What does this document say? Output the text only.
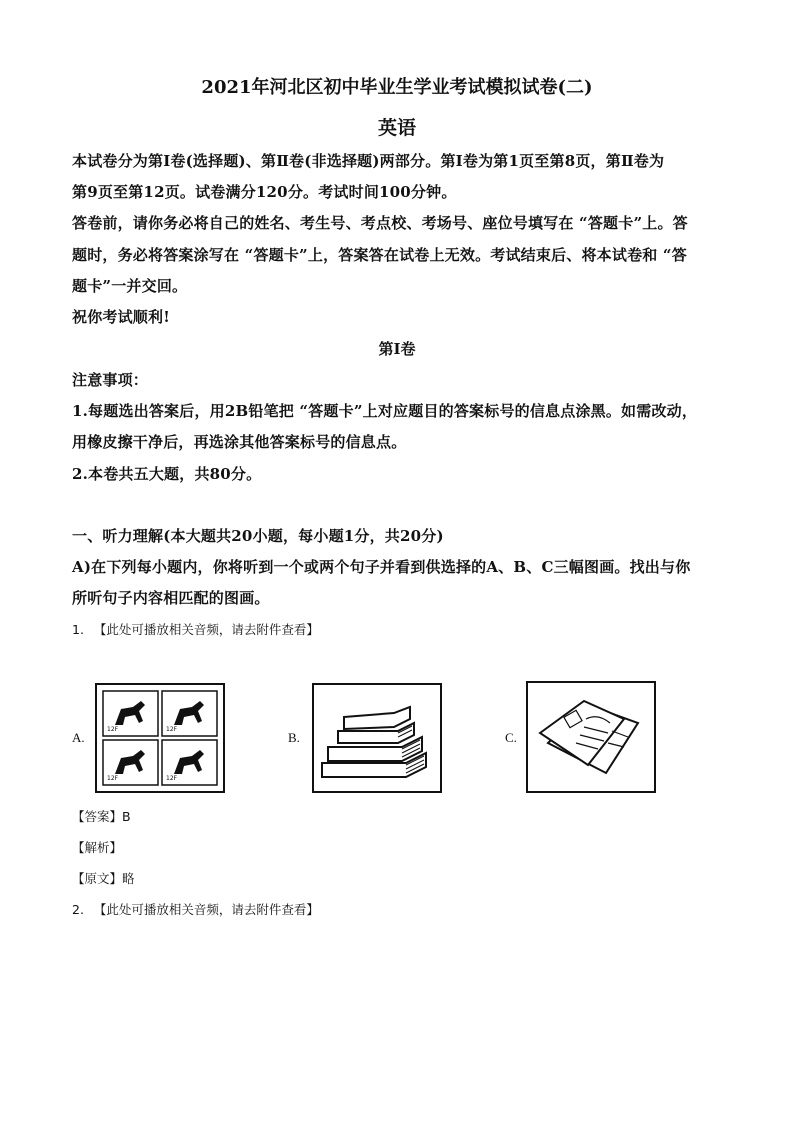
2021年河北区初中毕业生学业考试模拟试卷(二)
英语
本试卷分为第Ⅰ卷(选择题)、第Ⅱ卷(非选择题)两部分。第Ⅰ卷为第1页至第8页，第Ⅱ卷为
第9页至第12页。试卷满分120分。考试时间100分钟。
答卷前，请你务必将自己的姓名、考生号、考点校、考场号、座位号填写在 “答题卡”上。答
题时，务必将答案涂写在 “答题卡”上，答案答在试卷上无效。考试结束后、将本试卷和 “答
题卡”一并交回。
祝你考试顺利!
第Ⅰ卷
注意事项：
1.每题选出答案后，用2B铅笔把 “答题卡”上对应题目的答案标号的信息点涂黑。如需改动，
用橡皮擦干净后，再选涂其他答案标号的信息点。
2.本卷共五大题，共80分。
一、听力理解(本大题共20小题，每小题1分，共20分)
A)在下列每小题内，你将听到一个或两个句子并看到供选择的A、B、C三幅图画。找出与你
所听句子内容相匹配的图画。
1. 【此处可播放相关音频，请去附件查看】
A.
12F	12F
12F	12F
B.	C.
【答案】B
【解析】
【原文】略
2. 【此处可播放相关音频，请去附件查看】
